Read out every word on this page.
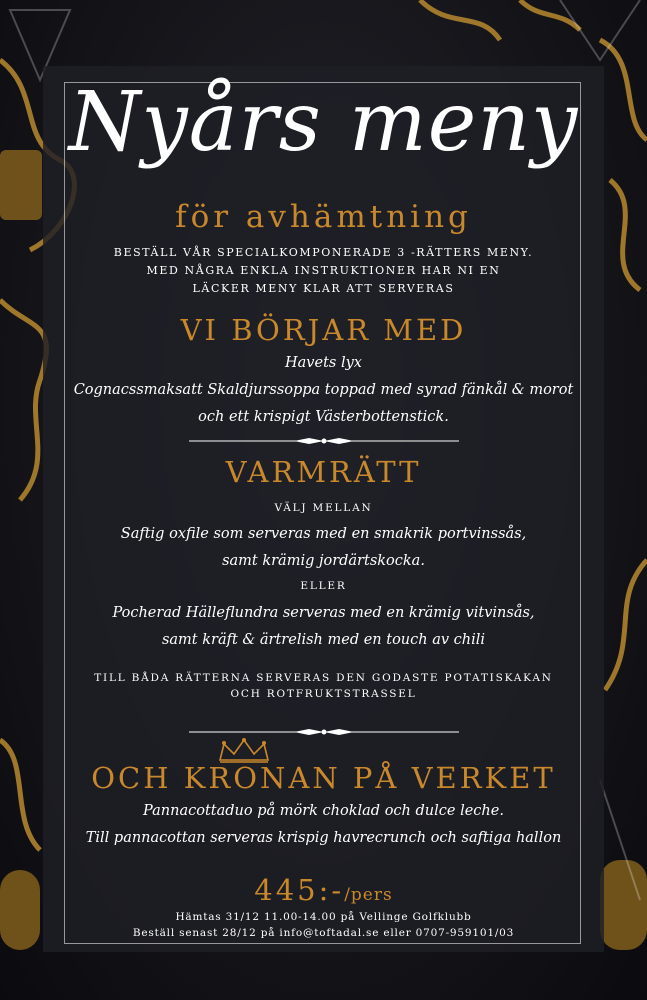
Nyårs meny
för avhämtning
BESTÄLL VÅR SPECIALKOMPONERADE 3 -RÄTTERS MENY.
MED NÅGRA ENKLA INSTRUKTIONER HAR NI EN
LÄCKER MENY KLAR ATT SERVERAS
VI BÖRJAR MED
Havets lyx
Cognacssmaksatt Skaldjurssoppa toppad med syrad fänkål & morot
och ett krispigt Västerbottenstick.
VARMRÄTT
VÄLJ MELLAN
Saftig oxfile som serveras med en smakrik portvinssås,
samt krämig jordärtskocka.
ELLER
Pocherad Hälleflundra serveras med en krämig vitvinsås,
samt kräft & ärtrelish med en touch av chili
TILL BÅDA RÄTTERNA SERVERAS DEN GODASTE POTATISKAKAN
OCH ROTFRUKTSTRASSEL
OCH KRONAN PÅ VERKET
Pannacottaduo på mörk choklad och dulce leche.
Till pannacottan serveras krispig havrecrunch och saftiga hallon
445:-/pers
Hämtas 31/12 11.00-14.00 på Vellinge Golfklubb
Beställ senast 28/12 på info@toftadal.se eller 0707-959101/03
